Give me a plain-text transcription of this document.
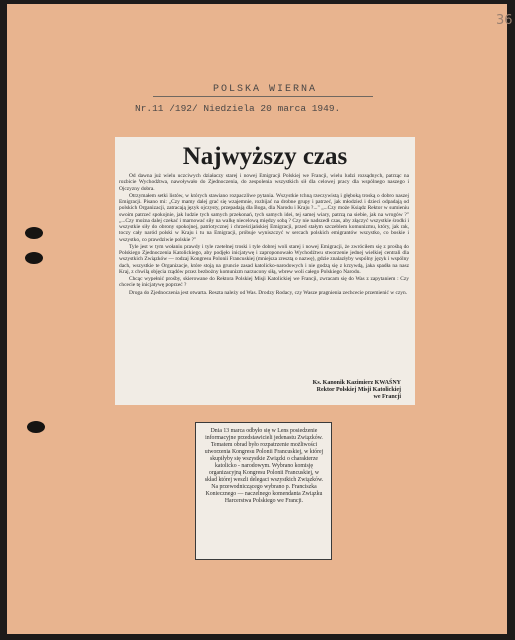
36
POLSKA WIERNA
Nr.11 /192/ Niedziela 20 marca 1949.
Najwyższy czas

Od dawna już wielu uczciwych działaczy starej i nowej Emigracji Polskiej we Francji, wielu ludzi rozsądnych, patrząc na rozbicie Wychodźtwa, nawoływało do Zjednoczenia, do zespolenia wszystkich sił dla celowej pracy dla wspólnego naszego i Ojczyzny dobra.

Otrzymałem setki listów, w których stawiano rozpaczliwe pytania. Wszystkie tchną rzeczywistą i głęboką troską o dobro naszej Emigracji. Pisano mi: „Czy mamy dalej grać się wzajemnie, rozbijać na drobne grupy i patrzeć, jak młodzież i dzieci odpadają od polskich Organizacji, zatracają język ojczysty, przepadają dla Boga, dla Narodu i Kraju ?..." „...Czy może Ksiądz Rektor w sumieniu swoim patrzeć spokojnie, jak ludzie tych samych przekonań, tych samych idei, tej samej wiary, patrzą na siebie, jak na wrogów ?" „...Czy można dalej czekać i marnować siły na walkę niecelową między sobą ? Czy nie nadszedł czas, aby złączyć wszystkie środki i wszystkie siły do obrony spokojnej, patriotycznej i chrześcijańskiej Emigracji, przed stałym szczeblem komunizmu, który, jak rak, toczy cały naród polski w Kraju i tu na Emigracji, próbuje wyniszczyć w sercach polskich emigrantów wszystko, co boskie i wszystko, co prawdziwie polskie ?"

Tyle jest w tym wołaniu prawdy i tyle rzetelnej troski i tyle dobrej woli starej i nowej Emigracji, że zwróciłem się z prośbą do Polskiego Zjednoczenia Katolickiego, aby podjęło inicjatywę i zaproponowało Wychodźtwu stworzenie jednej wielkiej centrali dla wszystkich Związków — rodzaj Kongresu Polonii Francuskiej (mniejsza zresztą o nazwę), gdzie znalazłyby wspólny język i wspólny dach, wszystkie te Organizacje, które stoją na gruncie zasad katolicko-narodowych i nie godzą się z krzywdą, jaka spadła na nasz Kraj, z chwilą objęcia rządów przez bezbożny komunizm narzucony siłą, wbrew woli całego Polskiego Narodu.

Chcąc wypełnić prośby, skierowane do Rektora Polskiej Misji Katolickiej we Francji, zwracam się do Was z zapytaniem : Czy chcecie tę inicjatywę poprzeć ?

Droga do Zjednoczenia jest otwarta. Reszta należy od Was. Drodzy Rodacy, czy Wasze pragnienia zechcecie przemienić w czyn.

Ks. Kanonik Kazimierz KWAŚNY
Rektor Polskiej Misji Katolickiej
we Francji
Dnia 13 marca odbyło się w Lens posiedzenie informacyjne przedstawicieli jedenastu Związków. Tematem obrad było rozpatrzenie możliwości utworzenia Kongresu Polonii Francuskiej, w której skupiłyby się wszystkie Związki o charakterze katolicko - narodowym. Wybrano komisję organizacyjną Kongresu Polonii Francuskiej, w skład której weszli delegaci wszystkich Związków. Na przewodniczącego wybrano p. Franciszka Koniecznego — naczelnego komendanta Związku Harcerstwa Polskiego we Francji.
